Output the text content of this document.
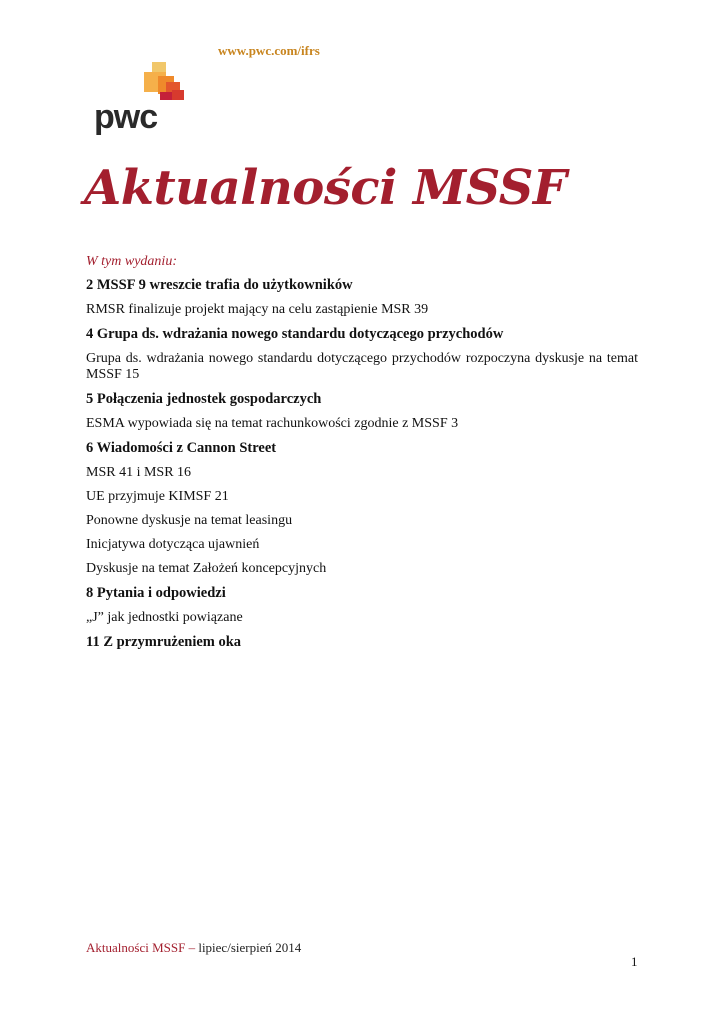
www.pwc.com/ifrs
pwc
Aktualności MSSF

W tym wydaniu:

2 MSSF 9 wreszcie trafia do użytkowników

RMSR finalizuje projekt mający na celu zastąpienie MSR 39

4 Grupa ds. wdrażania nowego standardu dotyczącego przychodów

Grupa ds. wdrażania nowego standardu dotyczącego przychodów rozpoczyna dyskusje na temat MSSF 15

5 Połączenia jednostek gospodarczych

ESMA wypowiada się na temat rachunkowości zgodnie z MSSF 3

6 Wiadomości z Cannon Street

MSR 41 i MSR 16

UE przyjmuje KIMSF 21

Ponowne dyskusje na temat leasingu

Inicjatywa dotycząca ujawnień

Dyskusje na temat Założeń koncepcyjnych

8 Pytania i odpowiedzi

„J” jak jednostki powiązane

11 Z przymrużeniem oka

Aktualności MSSF – lipiec/sierpień 2014
1
